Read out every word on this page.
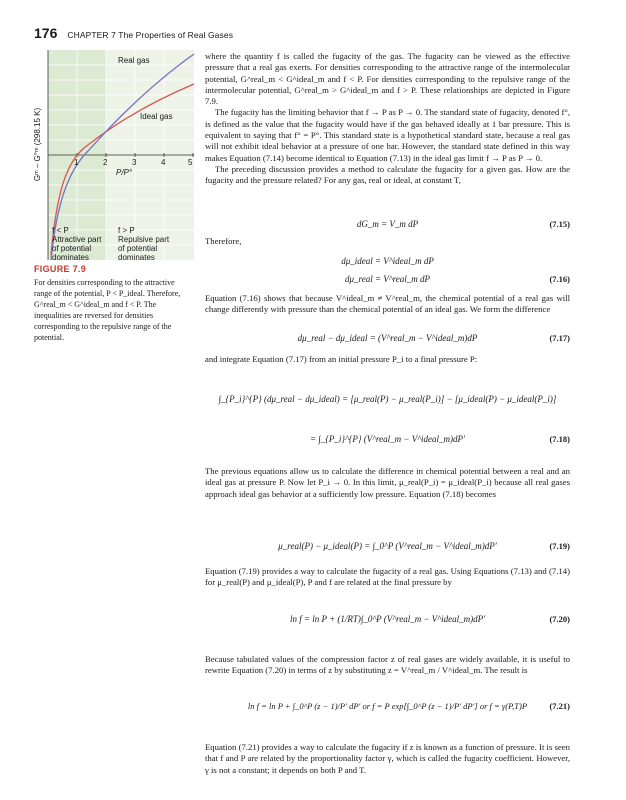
176 CHAPTER 7 The Properties of Real Gases
Gᵐ – G°ᵐ (298.15 K)
Real gas
Ideal gas
1	2	3	4	5
P/P°
f < P
Attractive part
of potential
dominates
f > P
Repulsive part
of potential
dominates
FIGURE 7.9
For densities corresponding to the attractive range of the potential, P < P_ideal. Therefore, G^real_m < G^ideal_m and f < P. The inequalities are reversed for densities corresponding to the repulsive range of the potential.

where the quantity f is called the fugacity of the gas. The fugacity can be viewed as the effective pressure that a real gas exerts. For densities corresponding to the attractive range of the intermolecular potential, G^real_m < G^ideal_m and f < P. For densities corresponding to the repulsive range of the intermolecular potential, G^real_m > G^ideal_m and f > P. These relationships are depicted in Figure 7.9.

The fugacity has the limiting behavior that f → P as P → 0. The standard state of fugacity, denoted f°, is defined as the value that the fugacity would have if the gas behaved ideally at 1 bar pressure. This is equivalent to saying that f° = P°. This standard state is a hypothetical standard state, because a real gas will not exhibit ideal behavior at a pressure of one bar. However, the standard state defined in this way makes Equation (7.14) become identical to Equation (7.13) in the ideal gas limit f → P as P → 0.

The preceding discussion provides a method to calculate the fugacity for a given gas. How are the fugacity and the pressure related? For any gas, real or ideal, at constant T,

dG_m = V_m dP	(7.15)
Therefore,
dμ_ideal = V^ideal_m dP
dμ_real = V^real_m dP	(7.16)

Equation (7.16) shows that because V^ideal_m ≠ V^real_m, the chemical potential of a real gas will change differently with pressure than the chemical potential of an ideal gas. We form the difference

dμ_real − dμ_ideal = (V^real_m − V^ideal_m)dP	(7.17)

and integrate Equation (7.17) from an initial pressure P_i to a final pressure P:

∫_{P_i}^{P} (dμ_real − dμ_ideal) = [μ_real(P) − μ_real(P_i)] − [μ_ideal(P) − μ_ideal(P_i)]
= ∫_{P_i}^{P} (V^real_m − V^ideal_m)dP′	(7.18)

The previous equations allow us to calculate the difference in chemical potential between a real and an ideal gas at pressure P. Now let P_i → 0. In this limit, μ_real(P_i) = μ_ideal(P_i) because all real gases approach ideal gas behavior at a sufficiently low pressure. Equation (7.18) becomes

μ_real(P) − μ_ideal(P) = ∫_0^P (V^real_m − V^ideal_m)dP′	(7.19)

Equation (7.19) provides a way to calculate the fugacity of a real gas. Using Equations (7.13) and (7.14) for μ_real(P) and μ_ideal(P), P and f are related at the final pressure by

ln f = ln P + (1/RT)∫_0^P (V^real_m − V^ideal_m)dP′	(7.20)

Because tabulated values of the compression factor z of real gases are widely available, it is useful to rewrite Equation (7.20) in terms of z by substituting z = V^real_m / V^ideal_m. The result is

ln f = ln P + ∫_0^P (z − 1)/P′ dP′ or f = P exp[∫_0^P (z − 1)/P′ dP′] or f = γ(P,T)P	(7.21)

Equation (7.21) provides a way to calculate the fugacity if z is known as a function of pressure. It is seen that f and P are related by the proportionality factor γ, which is called the fugacity coefficient. However, γ is not a constant; it depends on both P and T.
